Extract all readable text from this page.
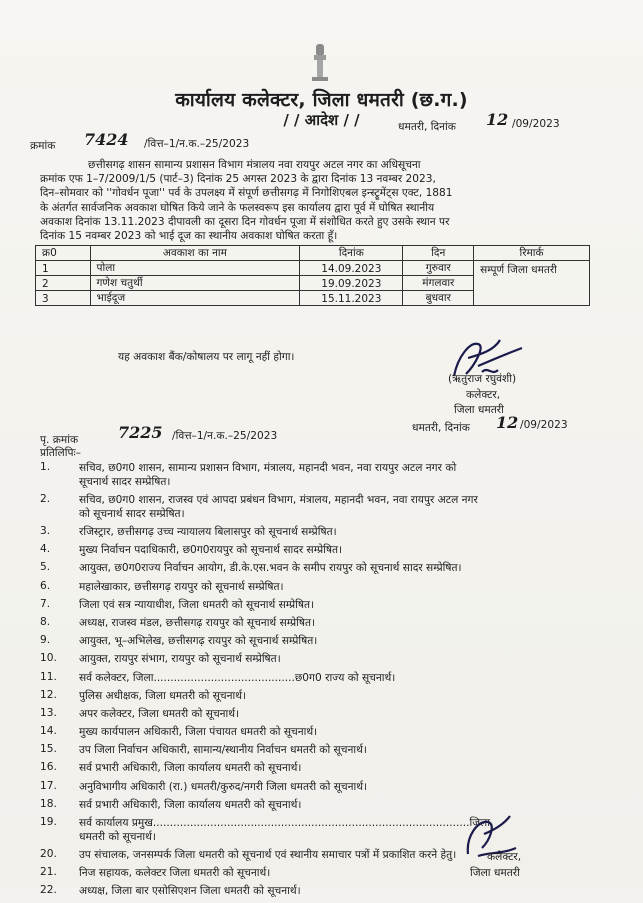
कार्यालय कलेक्टर, जिला धमतरी (छ.ग.)
/ / आदेश / /
क्रमांक 7424 /वित्त–1/न.क.–25/2023
धमतरी, दिनांक 12 /09/2023
छत्तीसगढ़ शासन सामान्य प्रशासन विभाग मंत्रालय नवा रायपुर अटल नगर का अधिसूचना
क्रमांक एफ 1–7/2009/1/5 (पार्ट–3) दिनांक 25 अगस्त 2023 के द्वारा दिनांक 13 नवम्बर 2023,
दिन–सोमवार को ''गोवर्धन पूजा'' पर्व के उपलक्ष्य में संपूर्ण छत्तीसगढ़ में निगोशिएबल इन्स्ट्रूमेंट्स एक्ट, 1881
के अंतर्गत सार्वजनिक अवकाश घोषित किये जाने के फलस्वरूप इस कार्यालय द्वारा पूर्व में घोषित स्थानीय
अवकाश दिनांक 13.11.2023 दीपावली का दूसरा दिन गोवर्धन पूजा में संशोधित करते हुए उसके स्थान पर
दिनांक 15 नवम्बर 2023 को भाई दूज का स्थानीय अवकाश घोषित करता हूँ।
क्र0	अवकाश का नाम	दिनांक	दिन	रिमार्क
1	पोला	14.09.2023	गुरुवार	सम्पूर्ण जिला धमतरी
2	गणेश चतुर्थी	19.09.2023	मंगलवार	
3	भाईदूज	15.11.2023	बुधवार	
यह अवकाश बैंक/कोषालय पर लागू नहीं होगा।
(ऋतुराज रघुवंशी)
कलेक्टर,
जिला धमतरी
पृ. क्रमांक 7225 /वित्त–1/न.क.–25/2023
धमतरी, दिनांक 12 /09/2023
प्रतिलिपिः–
1.	सचिव, छ0ग0 शासन, सामान्य प्रशासन विभाग, मंत्रालय, महानदी भवन, नवा रायपुर अटल नगर को
सूचनार्थ सादर सम्प्रेषित।
2.	सचिव, छ0ग0 शासन, राजस्व एवं आपदा प्रबंधन विभाग, मंत्रालय, महानदी भवन, नवा रायपुर अटल नगर
को सूचनार्थ सादर सम्प्रेषित।
3.	रजिस्ट्रार, छत्तीसगढ़ उच्च न्यायालय बिलासपुर को सूचनार्थ सम्प्रेषित।
4.	मुख्य निर्वाचन पदाधिकारी, छ0ग0रायपुर को सूचनार्थ सादर सम्प्रेषित।
5.	आयुक्त, छ0ग0राज्य निर्वाचन आयोग, डी.के.एस.भवन के समीप रायपुर को सूचनार्थ सादर सम्प्रेषित।
6.	महालेखाकार, छत्तीसगढ़ रायपुर को सूचनार्थ सम्प्रेषित।
7.	जिला एवं सत्र न्यायाधीश, जिला धमतरी को सूचनार्थ सम्प्रेषित।
8.	अध्यक्ष, राजस्व मंडल, छत्तीसगढ़ रायपुर को सूचनार्थ सम्प्रेषित।
9.	आयुक्त, भू–अभिलेख, छत्तीसगढ़ रायपुर को सूचनार्थ सम्प्रेषित।
10. आयुक्त, रायपुर संभाग, रायपुर को सूचनार्थ सम्प्रेषित।
11. सर्व कलेक्टर, जिला..........................................छ0ग0 राज्य को सूचनार्थ।
12. पुलिस अधीक्षक, जिला धमतरी को सूचनार्थ।
13. अपर कलेक्टर, जिला धमतरी को सूचनार्थ।
14. मुख्य कार्यपालन अधिकारी, जिला पंचायत धमतरी को सूचनार्थ।
15. उप जिला निर्वाचन अधिकारी, सामान्य/स्थानीय निर्वाचन धमतरी को सूचनार्थ।
16. सर्व प्रभारी अधिकारी, जिला कार्यालय धमतरी को सूचनार्थ।
17. अनुविभागीय अधिकारी (रा.) धमतरी/कुरुद/नगरी जिला धमतरी को सूचनार्थ।
18. सर्व प्रभारी अधिकारी, जिला कार्यालय धमतरी को सूचनार्थ।
19. सर्व कार्यालय प्रमुख..............................................................................................जिला
धमतरी को सूचनार्थ।
20. उप संचालक, जनसम्पर्क जिला धमतरी को सूचनार्थ एवं स्थानीय समाचार पत्रों में प्रकाशित करने हेतु।
21. निज सहायक, कलेक्टर जिला धमतरी को सूचनार्थ।
22. अध्यक्ष, जिला बार एसोसिएशन जिला धमतरी को सूचनार्थ।
कलेक्टर,
जिला धमतरी
